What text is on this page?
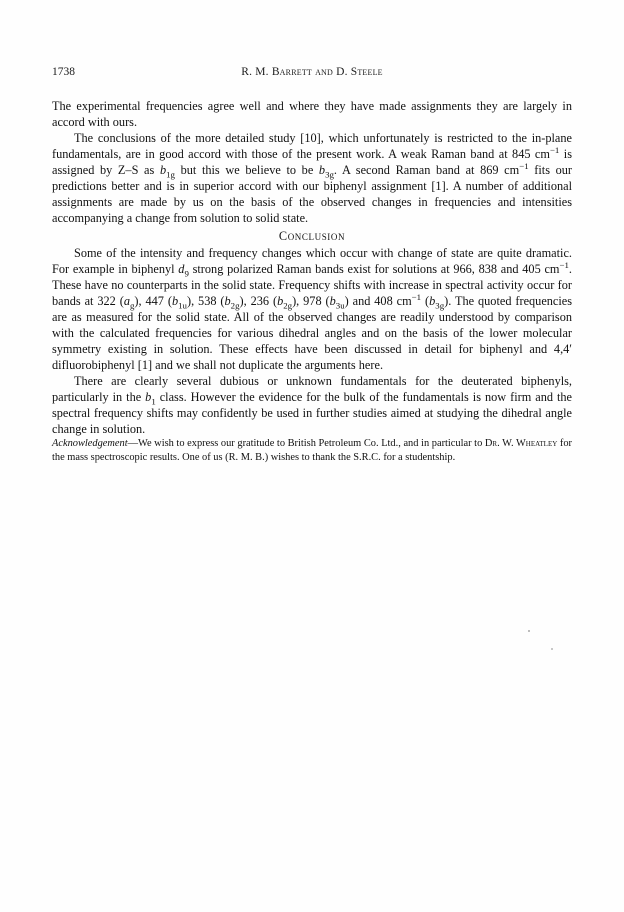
1738	R. M. Barrett and D. Steele

The experimental frequencies agree well and where they have made assignments they are largely in accord with ours.

The conclusions of the more detailed study [10], which unfortunately is restricted to the in-plane fundamentals, are in good accord with those of the present work. A weak Raman band at 845 $cm^{-1}$ is assigned by Z–S as $b_{1g}$ but this we believe to be $b_{3g}$. A second Raman band at 869 $cm^{-1}$ fits our predictions better and is in superior accord with our biphenyl assignment [1]. A number of additional assignments are made by us on the basis of the observed changes in frequencies and intensities accompanying a change from solution to solid state.

Conclusion

Some of the intensity and frequency changes which occur with change of state are quite dramatic. For example in biphenyl $d_9$ strong polarized Raman bands exist for solutions at 966, 838 and 405 $cm^{-1}$. These have no counterparts in the solid state. Frequency shifts with increase in spectral activity occur for bands at 322 $(a_g)$, 447 $(b_{1u})$, 538 $(b_{2g})$, 236 $(b_{2g})$, 978 $(b_{3u})$ and 408 $cm^{-1}$ $(b_{3g})$. The quoted frequencies are as measured for the solid state. All of the observed changes are readily understood by comparison with the calculated frequencies for various dihedral angles and on the basis of the lower molecular symmetry existing in solution. These effects have been discussed in detail for biphenyl and 4,4′ difluorobiphenyl [1] and we shall not duplicate the arguments here.

There are clearly several dubious or unknown fundamentals for the deuterated biphenyls, particularly in the $b_1$ class. However the evidence for the bulk of the fundamentals is now firm and the spectral frequency shifts may confidently be used in further studies aimed at studying the dihedral angle change in solution.

Acknowledgement—We wish to express our gratitude to British Petroleum Co. Ltd., and in particular to Dr. W. Wheatley for the mass spectroscopic results. One of us (R. M. B.) wishes to thank the S.R.C. for a studentship.
